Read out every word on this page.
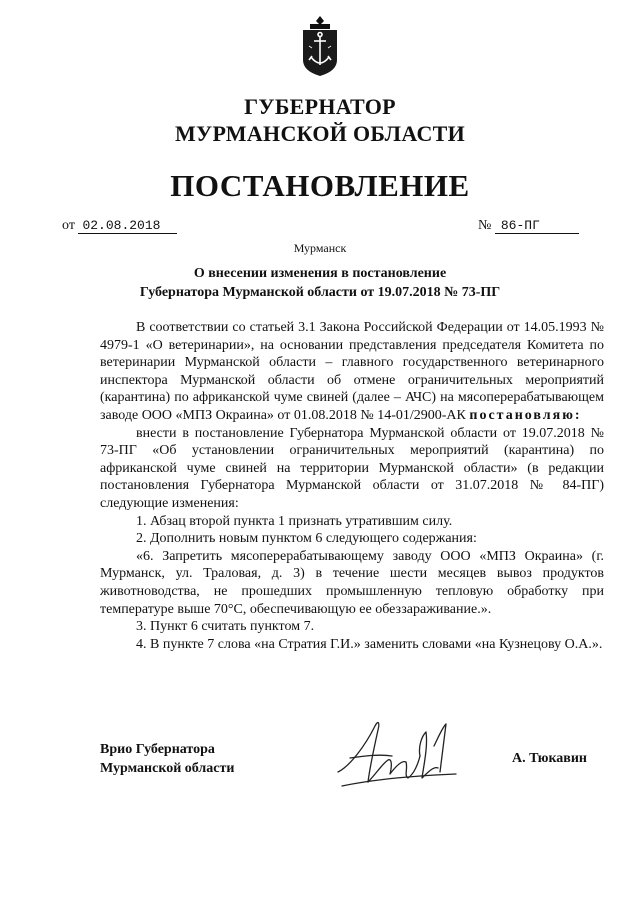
ГУБЕРНАТОР
МУРМАНСКОЙ ОБЛАСТИ
ПОСТАНОВЛЕНИЕ
от 02.08.2018	№ 86-ПГ
Мурманск
О внесении изменения в постановление
Губернатора Мурманской области от 19.07.2018 № 73-ПГ

В соответствии со статьей 3.1 Закона Российской Федерации от 14.05.1993 № 4979-1 «О ветеринарии», на основании представления председателя Комитета по ветеринарии Мурманской области – главного государственного ветеринарного инспектора Мурманской области об отмене ограничительных мероприятий (карантина) по африканской чуме свиней (далее – АЧС) на мясоперерабатывающем заводе ООО «МПЗ Окраина» от 01.08.2018 № 14-01/2900-АК постановляю:

внести в постановление Губернатора Мурманской области от 19.07.2018 № 73-ПГ «Об установлении ограничительных мероприятий (карантина) по африканской чуме свиней на территории Мурманской области» (в редакции постановления Губернатора Мурманской области от 31.07.2018 № 84-ПГ) следующие изменения:

1. Абзац второй пункта 1 признать утратившим силу.

2. Дополнить новым пунктом 6 следующего содержания:

«6. Запретить мясоперерабатывающему заводу ООО «МПЗ Окраина» (г. Мурманск, ул. Траловая, д. 3) в течение шести месяцев вывоз продуктов животноводства, не прошедших промышленную тепловую обработку при температуре выше 70°С, обеспечивающую ее обеззараживание.».

3. Пункт 6 считать пунктом 7.

4. В пункте 7 слова «на Стратия Г.И.» заменить словами «на Кузнецову О.А.».

Врио Губернатора
Мурманской области
А. Тюкавин
